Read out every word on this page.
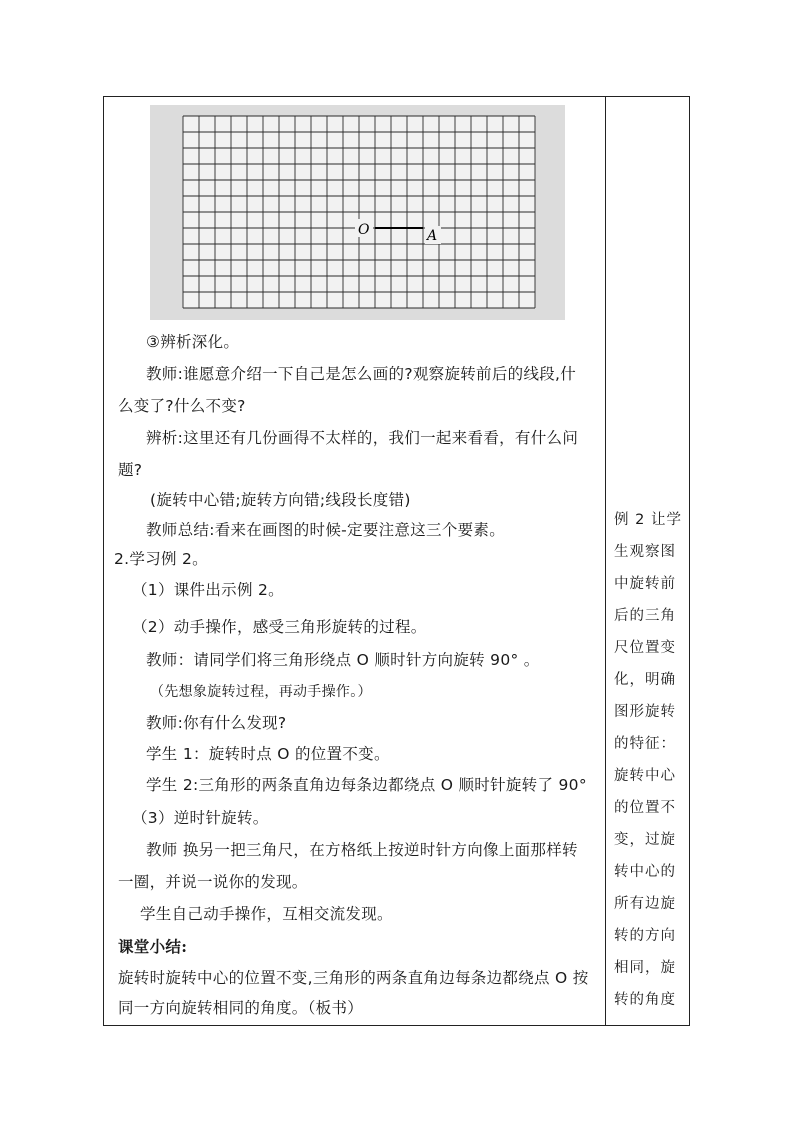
O	A
③辨析深化。
教师:谁愿意介绍一下自己是怎么画的?观察旋转前后的线段,什
么变了?什么不变?
辨析:这里还有几份画得不太样的，我们一起来看看，有什么问
题?
(旋转中心错;旋转方向错;线段长度错)
教师总结:看来在画图的时候-定要注意这三个要素。
2.学习例 2。
（1）课件出示例 2。
（2）动手操作，感受三角形旋转的过程。
教师：请同学们将三角形绕点 O 顺时针方向旋转 90° 。
（先想象旋转过程，再动手操作。）
教师:你有什么发现?
学生 1：旋转时点 O 的位置不变。
学生 2:三角形的两条直角边每条边都绕点 O 顺时针旋转了 90°
（3）逆时针旋转。
教师 换另一把三角尺，在方格纸上按逆时针方向像上面那样转
一圈，并说一说你的发现。
学生自己动手操作，互相交流发现。
课堂小结:
旋转时旋转中心的位置不变,三角形的两条直角边每条边都绕点 O 按
同一方向旋转相同的角度。（板书）
例 2 让学
生观察图
中旋转前
后的三角
尺位置变
化，明确
图形旋转
的特征：
旋转中心
的位置不
变，过旋
转中心的
所有边旋
转的方向
相同，旋
转的角度
